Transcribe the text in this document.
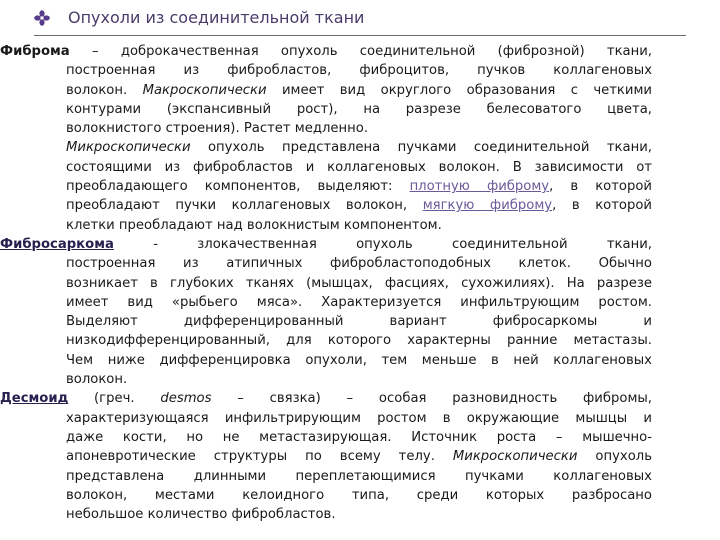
Опухоли из соединительной ткани
Фиброма – доброкачественная опухоль соединительной (фиброзной) ткани,
построенная из фибробластов, фиброцитов, пучков коллагеновых
волокон. Макроскопически имеет вид округлого образования с четкими
контурами (экспансивный рост), на разрезе белесоватого цвета,
волокнистого строения). Растет медленно.
Микроскопически опухоль представлена пучками соединительной ткани,
состоящими из фибробластов и коллагеновых волокон. В зависимости от
преобладающего компонентов, выделяют: плотную фиброму, в которой
преобладают пучки коллагеновых волокон, мягкую фиброму, в которой
клетки преобладают над волокнистым компонентом.
Фибросаркома - злокачественная опухоль соединительной ткани,
построенная из атипичных фибробластоподобных клеток. Обычно
возникает в глубоких тканях (мышцах, фасциях, сухожилиях). На разрезе
имеет вид «рыбьего мяса». Характеризуется инфильтрующим ростом.
Выделяют дифференцированный вариант фибросаркомы и
низкодифференцированный, для которого характерны ранние метастазы.
Чем ниже дифференцировка опухоли, тем меньше в ней коллагеновых
волокон.
Десмоид (греч. desmos – связка) – особая разновидность фибромы,
характеризующаяся инфильтрирующим ростом в окружающие мышцы и
даже кости, но не метастазирующая. Источник роста – мышечно-
апоневротические структуры по всему телу. Микроскопически опухоль
представлена длинными переплетающимися пучками коллагеновых
волокон, местами келоидного типа, среди которых разбросано
небольшое количество фибробластов.
